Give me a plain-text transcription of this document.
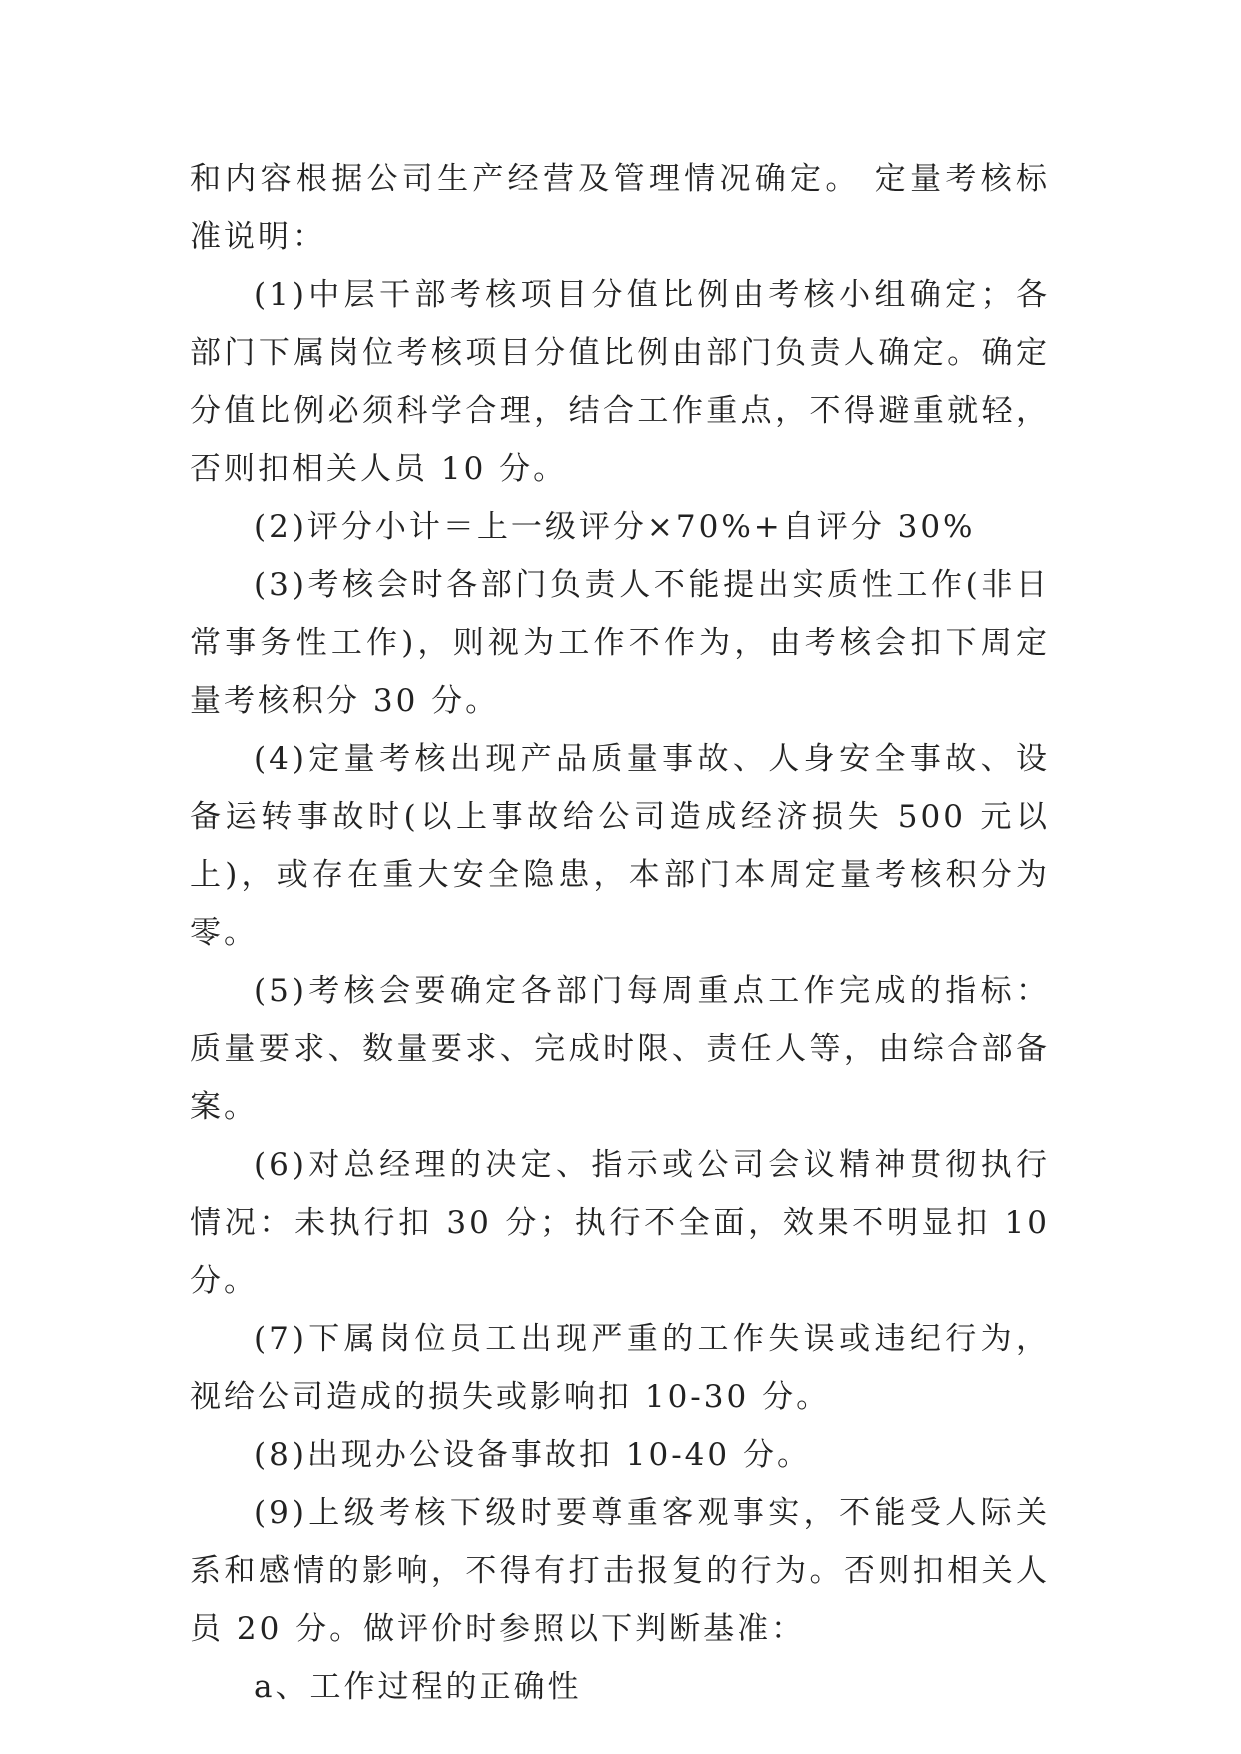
和内容根据公司生产经营及管理情况确定。 定量考核标准说明：

(1)中层干部考核项目分值比例由考核小组确定；各部门下属岗位考核项目分值比例由部门负责人确定。确定分值比例必须科学合理，结合工作重点，不得避重就轻，否则扣相关人员 10 分。

(2)评分小计＝上一级评分×70%+自评分 30%

(3)考核会时各部门负责人不能提出实质性工作(非日常事务性工作)，则视为工作不作为，由考核会扣下周定量考核积分 30 分。

(4)定量考核出现产品质量事故、人身安全事故、设备运转事故时(以上事故给公司造成经济损失 500 元以上)，或存在重大安全隐患，本部门本周定量考核积分为零。

(5)考核会要确定各部门每周重点工作完成的指标：质量要求、数量要求、完成时限、责任人等，由综合部备案。

(6)对总经理的决定、指示或公司会议精神贯彻执行情况：未执行扣 30 分；执行不全面，效果不明显扣 10 分。

(7)下属岗位员工出现严重的工作失误或违纪行为，视给公司造成的损失或影响扣 10-30 分。

(8)出现办公设备事故扣 10-40 分。

(9)上级考核下级时要尊重客观事实，不能受人际关系和感情的影响，不得有打击报复的行为。否则扣相关人员 20 分。做评价时参照以下判断基准：

a、工作过程的正确性
